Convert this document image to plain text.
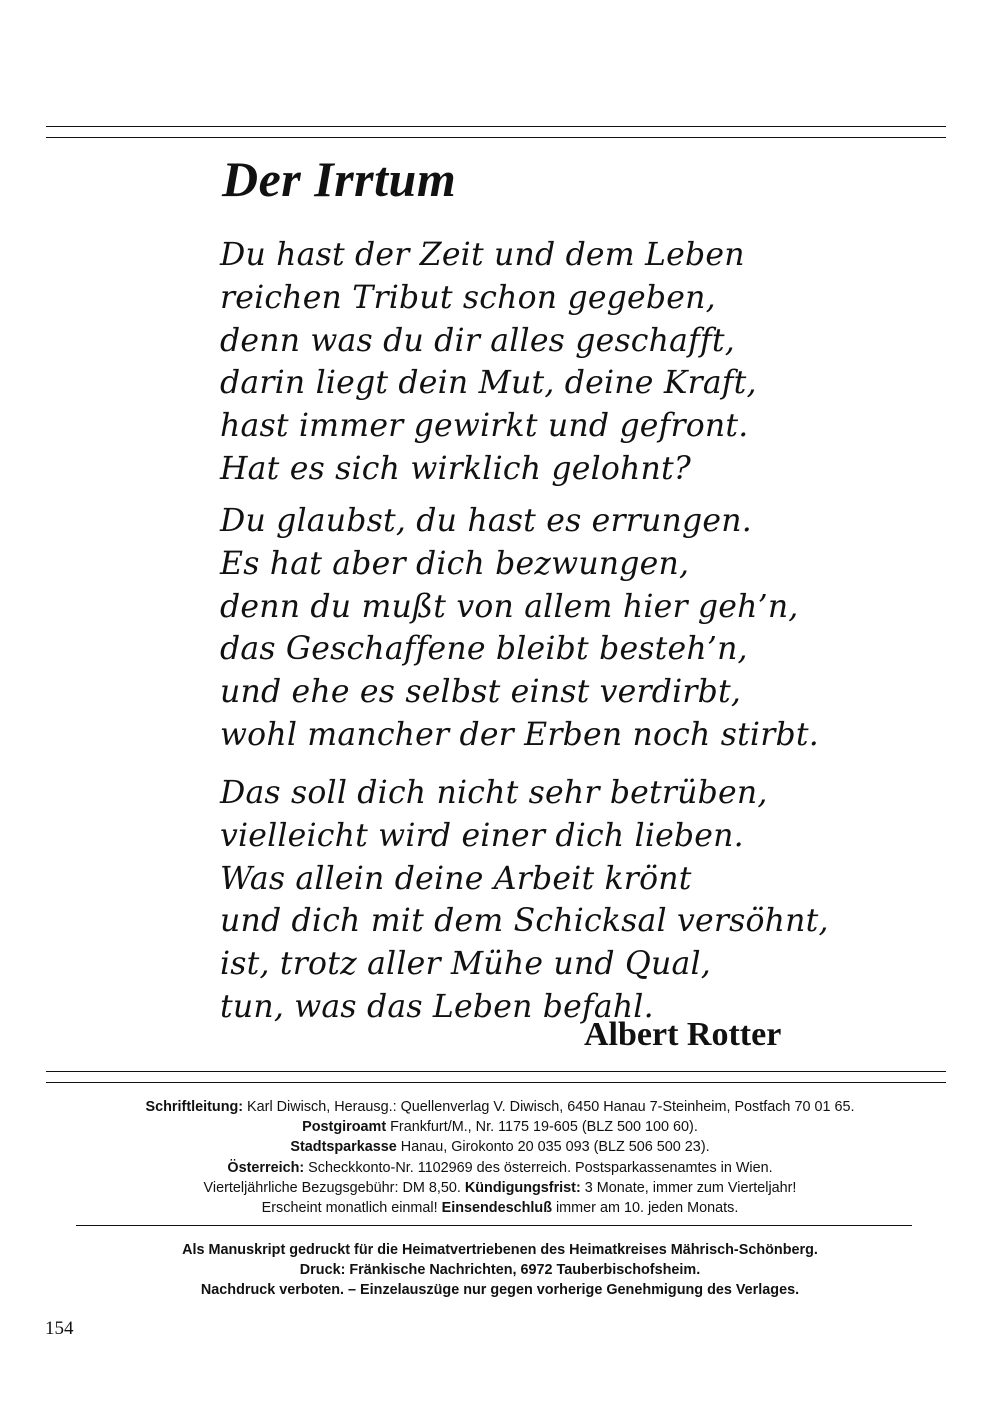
Der Irrtum
Du hast der Zeit und dem Leben
reichen Tribut schon gegeben,
denn was du dir alles geschafft,
darin liegt dein Mut, deine Kraft,
hast immer gewirkt und gefront.
Hat es sich wirklich gelohnt?
Du glaubst, du hast es errungen.
Es hat aber dich bezwungen,
denn du mußt von allem hier geh’n,
das Geschaffene bleibt besteh’n,
und ehe es selbst einst verdirbt,
wohl mancher der Erben noch stirbt.
Das soll dich nicht sehr betrüben,
vielleicht wird einer dich lieben.
Was allein deine Arbeit krönt
und dich mit dem Schicksal versöhnt,
ist, trotz aller Mühe und Qual,
tun, was das Leben befahl.
Albert Rotter

Schriftleitung: Karl Diwisch, Herausg.: Quellenverlag V. Diwisch, 6450 Hanau 7-Steinheim, Postfach 70 01 65.

Postgiroamt Frankfurt/M., Nr. 1175 19-605 (BLZ 500 100 60).

Stadtsparkasse Hanau, Girokonto 20 035 093 (BLZ 506 500 23).

Österreich: Scheckkonto-Nr. 1102969 des österreich. Postsparkassenamtes in Wien.

Vierteljährliche Bezugsgebühr: DM 8,50. Kündigungsfrist: 3 Monate, immer zum Vierteljahr!

Erscheint monatlich einmal! Einsendeschluß immer am 10. jeden Monats.

Als Manuskript gedruckt für die Heimatvertriebenen des Heimatkreises Mährisch-Schönberg.

Druck: Fränkische Nachrichten, 6972 Tauberbischofsheim.

Nachdruck verboten. – Einzelauszüge nur gegen vorherige Genehmigung des Verlages.

154
